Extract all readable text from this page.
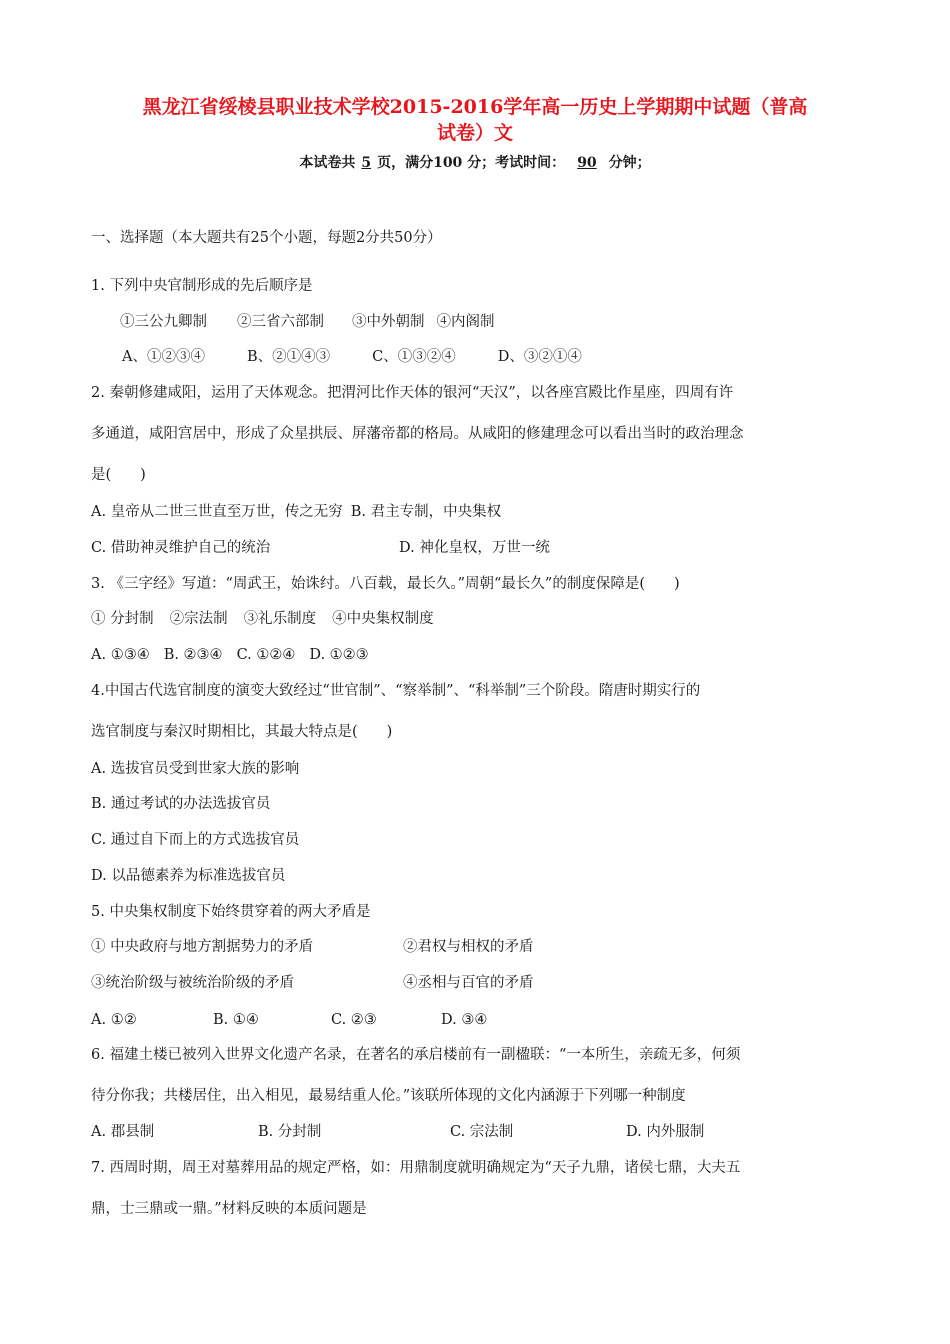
黑龙江省绥棱县职业技术学校2015-2016学年高一历史上学期期中试题（普高
试卷）文
本试卷共 5 页，满分100 分；考试时间： 90 分钟；
一、选择题（本大题共有25个小题，每题2分共50分）
1. 下列中央官制形成的先后顺序是
①三公九卿制 ②三省六部制 ③中外朝制 ④内阁制
A、①②③④	B、②①④③	C、①③②④	D、③②①④
2. 秦朝修建咸阳，运用了天体观念。把渭河比作天体的银河“天汉”，以各座宫殿比作星座，四周有许
多通道，咸阳宫居中，形成了众星拱辰、屏藩帝都的格局。从咸阳的修建理念可以看出当时的政治理念
是(　　)
A. 皇帝从二世三世直至万世，传之无穷 B. 君主专制，中央集权
C. 借助神灵维护自己的统治	D. 神化皇权，万世一统
3. 《三字经》写道：“周武王，始诛纣。八百载，最长久。”周朝“最长久”的制度保障是(　　)
① 分封制 ②宗法制 ③礼乐制度 ④中央集权制度
A. ①③④ B. ②③④ C. ①②④ D. ①②③
4.中国古代选官制度的演变大致经过“世官制”、“察举制”、“科举制”三个阶段。隋唐时期实行的
选官制度与秦汉时期相比，其最大特点是(　　)
A. 选拔官员受到世家大族的影响
B. 通过考试的办法选拔官员
C. 通过自下而上的方式选拔官员
D. 以品德素养为标准选拔官员
5. 中央集权制度下始终贯穿着的两大矛盾是
① 中央政府与地方割据势力的矛盾	②君权与相权的矛盾
③统治阶级与被统治阶级的矛盾	④丞相与百官的矛盾
A. ①②	B. ①④	C. ②③	D. ③④
6. 福建土楼已被列入世界文化遗产名录，在著名的承启楼前有一副楹联：“一本所生，亲疏无多，何须
待分你我；共楼居住，出入相见，最易结重人伦。”该联所体现的文化内涵源于下列哪一种制度
A. 郡县制	B. 分封制	C. 宗法制	D. 内外服制
7. 西周时期，周王对墓葬用品的规定严格，如：用鼎制度就明确规定为“天子九鼎，诸侯七鼎，大夫五
鼎，士三鼎或一鼎。”材料反映的本质问题是
